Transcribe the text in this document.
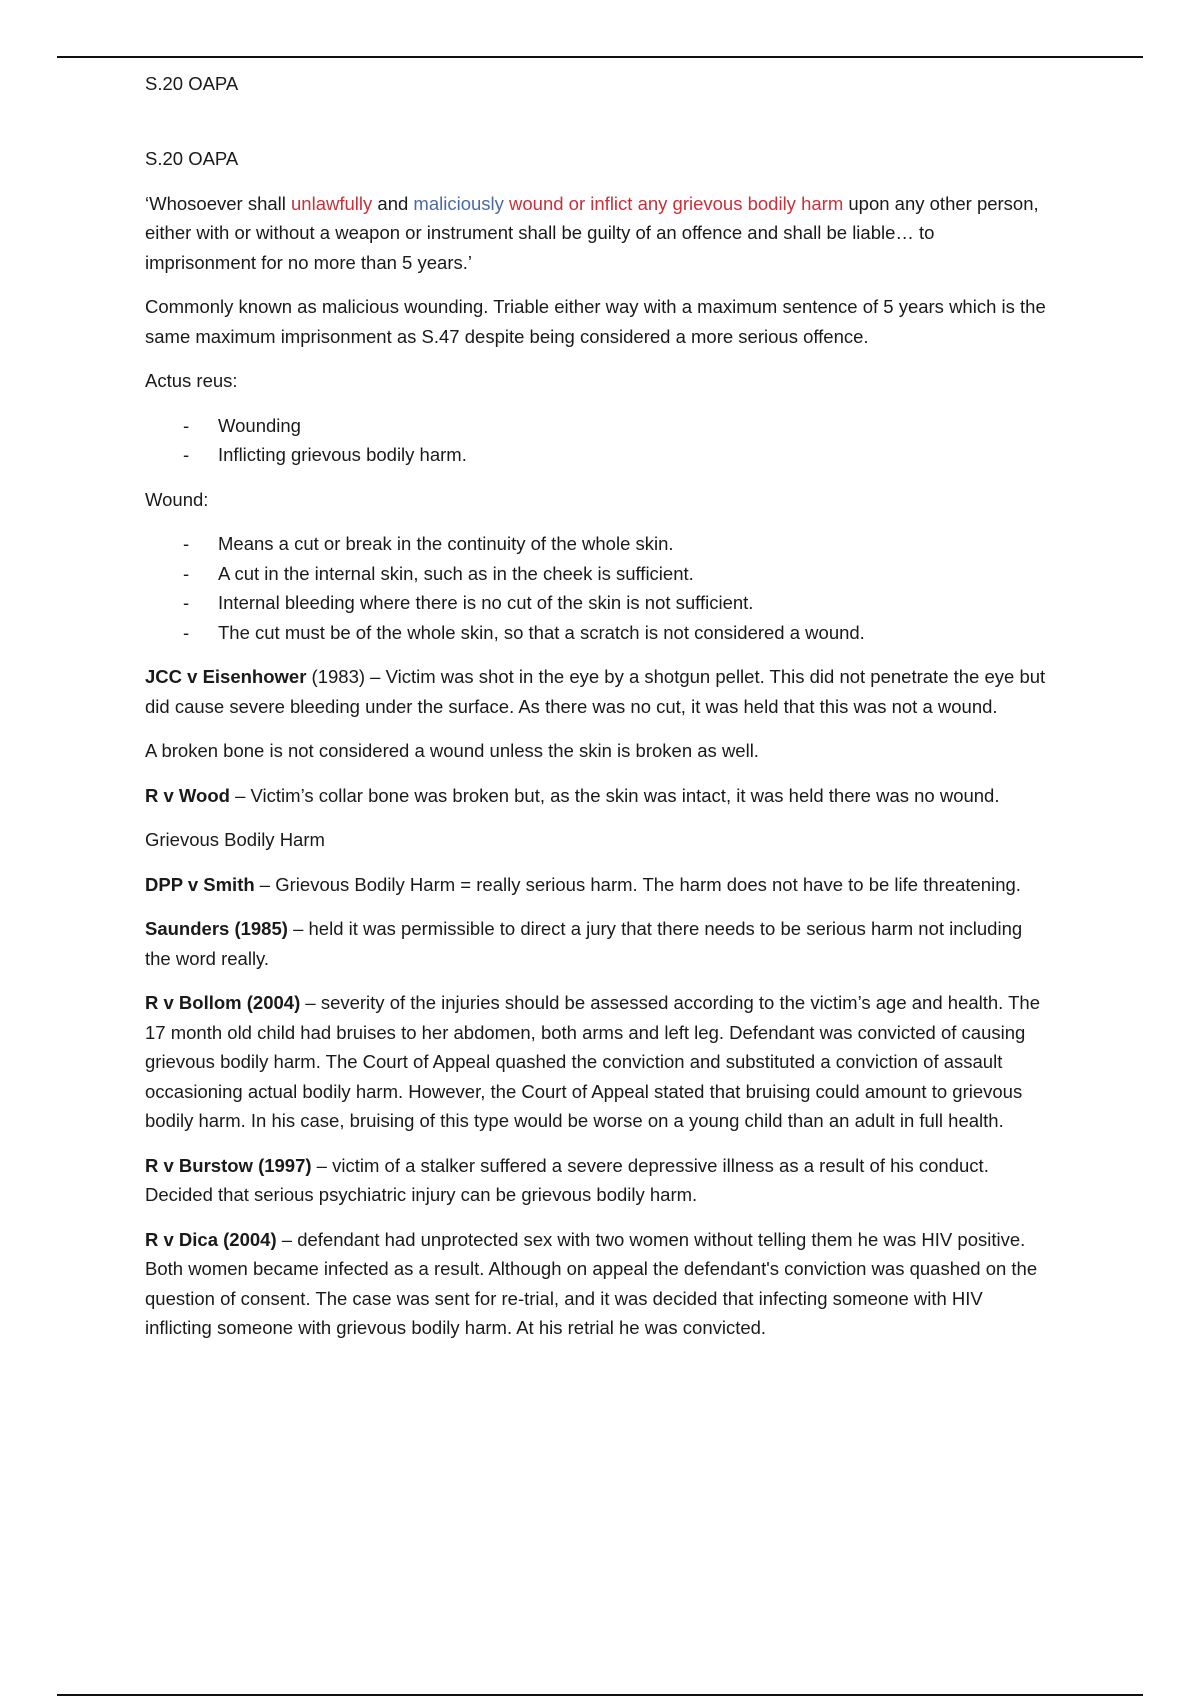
S.20 OAPA

S.20 OAPA

‘Whosoever shall unlawfully and maliciously wound or inflict any grievous bodily harm upon any other person, either with or without a weapon or instrument shall be guilty of an offence and shall be liable… to imprisonment for no more than 5 years.’

Commonly known as malicious wounding. Triable either way with a maximum sentence of 5 years which is the same maximum imprisonment as S.47 despite being considered a more serious offence.

Actus reus:

- Wounding
- Inflicting grievous bodily harm.

Wound:

- Means a cut or break in the continuity of the whole skin.
- A cut in the internal skin, such as in the cheek is sufficient.
- Internal bleeding where there is no cut of the skin is not sufficient.
- The cut must be of the whole skin, so that a scratch is not considered a wound.

JCC v Eisenhower (1983) – Victim was shot in the eye by a shotgun pellet. This did not penetrate the eye but did cause severe bleeding under the surface. As there was no cut, it was held that this was not a wound.

A broken bone is not considered a wound unless the skin is broken as well.

R v Wood – Victim’s collar bone was broken but, as the skin was intact, it was held there was no wound.

Grievous Bodily Harm

DPP v Smith – Grievous Bodily Harm = really serious harm. The harm does not have to be life threatening.

Saunders (1985) – held it was permissible to direct a jury that there needs to be serious harm not including the word really.

R v Bollom (2004) – severity of the injuries should be assessed according to the victim’s age and health. The 17 month old child had bruises to her abdomen, both arms and left leg. Defendant was convicted of causing grievous bodily harm. The Court of Appeal quashed the conviction and substituted a conviction of assault occasioning actual bodily harm. However, the Court of Appeal stated that bruising could amount to grievous bodily harm. In his case, bruising of this type would be worse on a young child than an adult in full health.

R v Burstow (1997) – victim of a stalker suffered a severe depressive illness as a result of his conduct. Decided that serious psychiatric injury can be grievous bodily harm.

R v Dica (2004) – defendant had unprotected sex with two women without telling them he was HIV positive. Both women became infected as a result. Although on appeal the defendant's conviction was quashed on the question of consent. The case was sent for re-trial, and it was decided that infecting someone with HIV inflicting someone with grievous bodily harm. At his retrial he was convicted.
